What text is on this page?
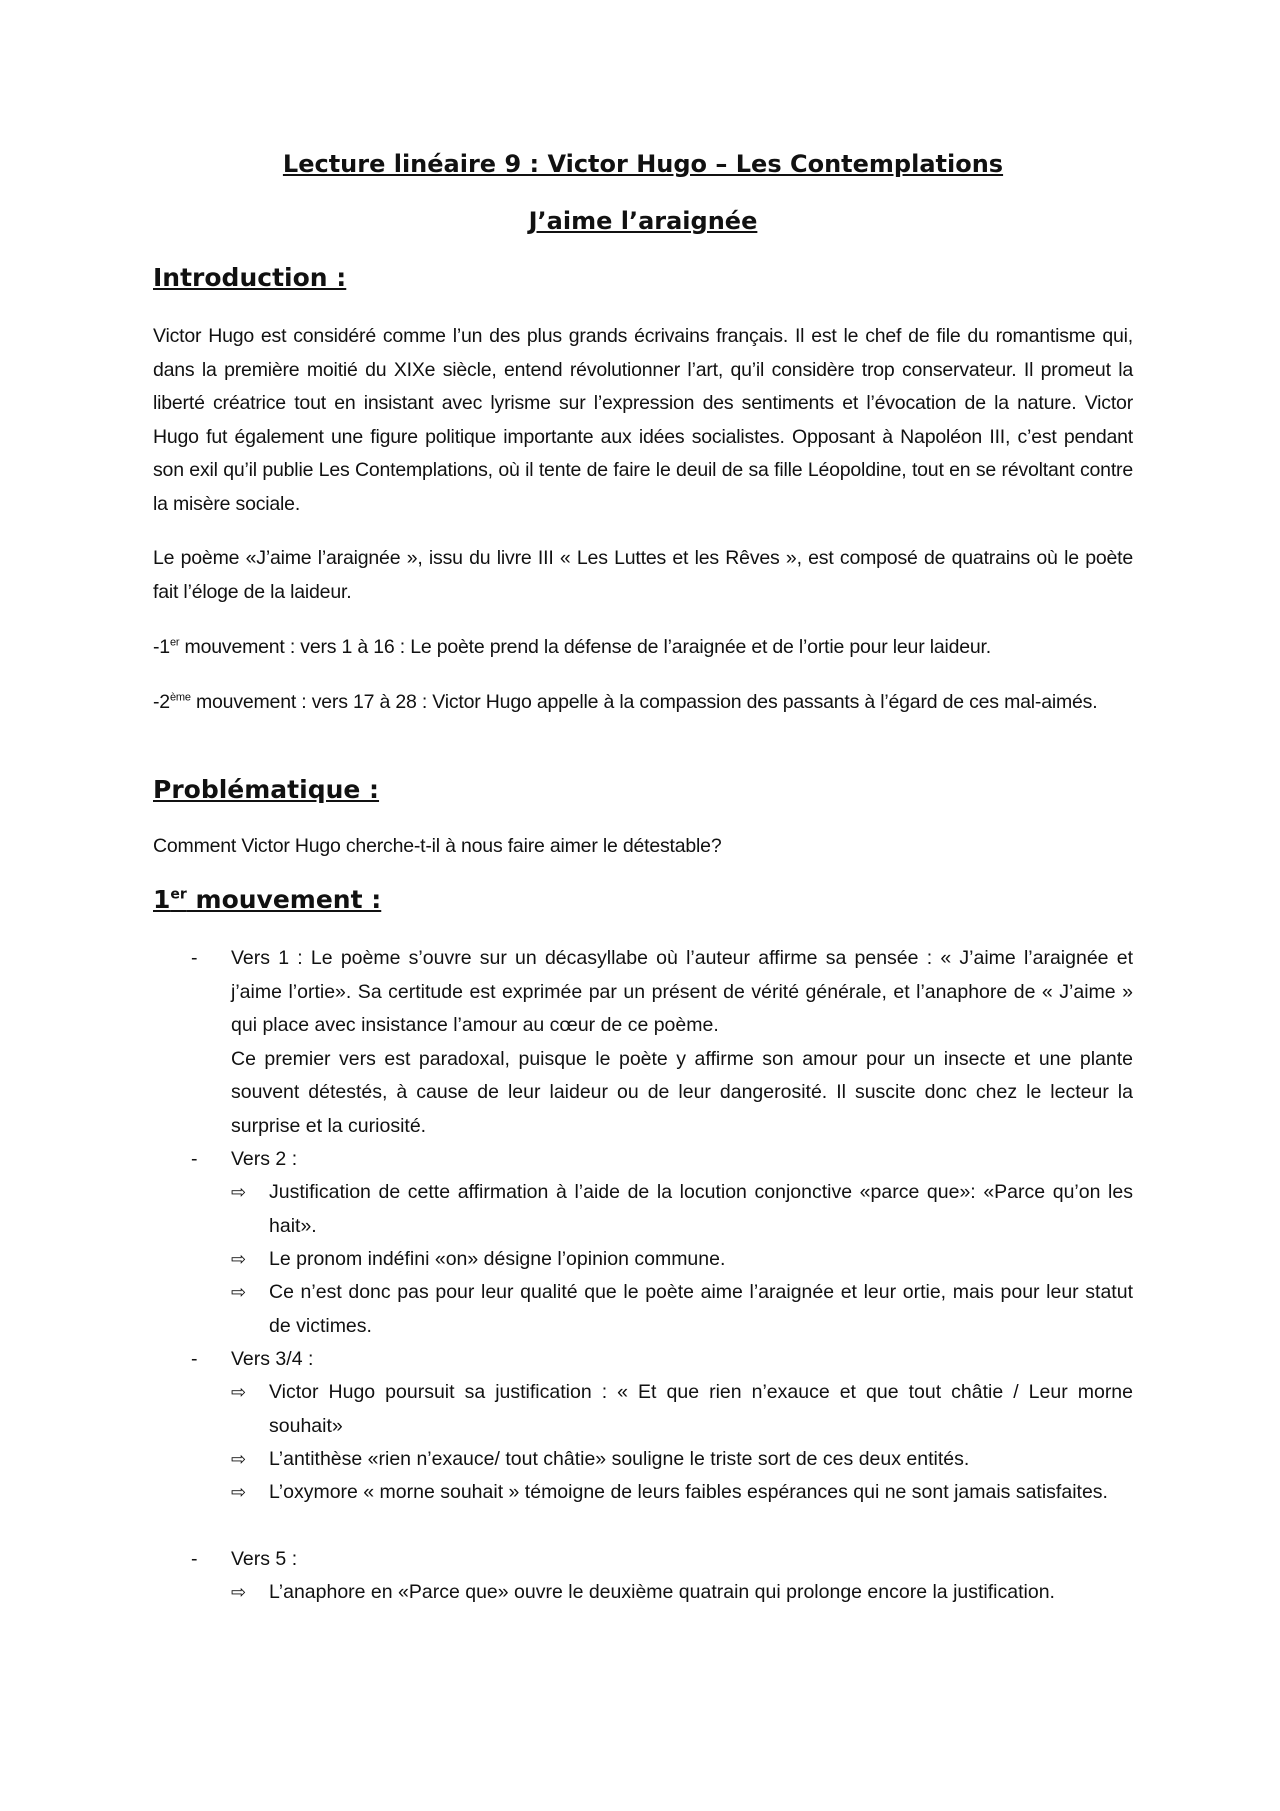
Lecture linéaire 9 : Victor Hugo – Les Contemplations
J’aime l’araignée
Introduction :
Victor Hugo est considéré comme l’un des plus grands écrivains français. Il est le chef de file du romantisme qui, dans la première moitié du XIXe siècle, entend révolutionner l’art, qu’il considère trop conservateur. Il promeut la liberté créatrice tout en insistant avec lyrisme sur l’expression des sentiments et l’évocation de la nature. Victor Hugo fut également une figure politique importante aux idées socialistes. Opposant à Napoléon III, c’est pendant son exil qu’il publie Les Contemplations, où il tente de faire le deuil de sa fille Léopoldine, tout en se révoltant contre la misère sociale.
Le poème «J’aime l’araignée », issu du livre III « Les Luttes et les Rêves », est composé de quatrains où le poète fait l’éloge de la laideur.
-1er mouvement : vers 1 à 16 : Le poète prend la défense de l’araignée et de l’ortie pour leur laideur.
-2ème mouvement : vers 17 à 28 : Victor Hugo appelle à la compassion des passants à l’égard de ces mal-aimés.
Problématique :
Comment Victor Hugo cherche-t-il à nous faire aimer le détestable?
1er mouvement :
- Vers 1 : Le poème s’ouvre sur un décasyllabe où l’auteur affirme sa pensée : « J’aime l’araignée et j’aime l’ortie». Sa certitude est exprimée par un présent de vérité générale, et l’anaphore de « J’aime » qui place avec insistance l’amour au cœur de ce poème.
Ce premier vers est paradoxal, puisque le poète y affirme son amour pour un insecte et une plante souvent détestés, à cause de leur laideur ou de leur dangerosité. Il suscite donc chez le lecteur la surprise et la curiosité.
- Vers 2 :
⇨ Justification de cette affirmation à l’aide de la locution conjonctive «parce que»: «Parce qu’on les hait».
⇨ Le pronom indéfini «on» désigne l’opinion commune.
⇨ Ce n’est donc pas pour leur qualité que le poète aime l’araignée et leur ortie, mais pour leur statut de victimes.
- Vers 3/4 :
⇨ Victor Hugo poursuit sa justification : « Et que rien n’exauce et que tout châtie / Leur morne souhait»
⇨ L’antithèse «rien n’exauce/ tout châtie» souligne le triste sort de ces deux entités.
⇨ L’oxymore « morne souhait » témoigne de leurs faibles espérances qui ne sont jamais satisfaites.
- Vers 5 :
⇨ L’anaphore en «Parce que» ouvre le deuxième quatrain qui prolonge encore la justification.
